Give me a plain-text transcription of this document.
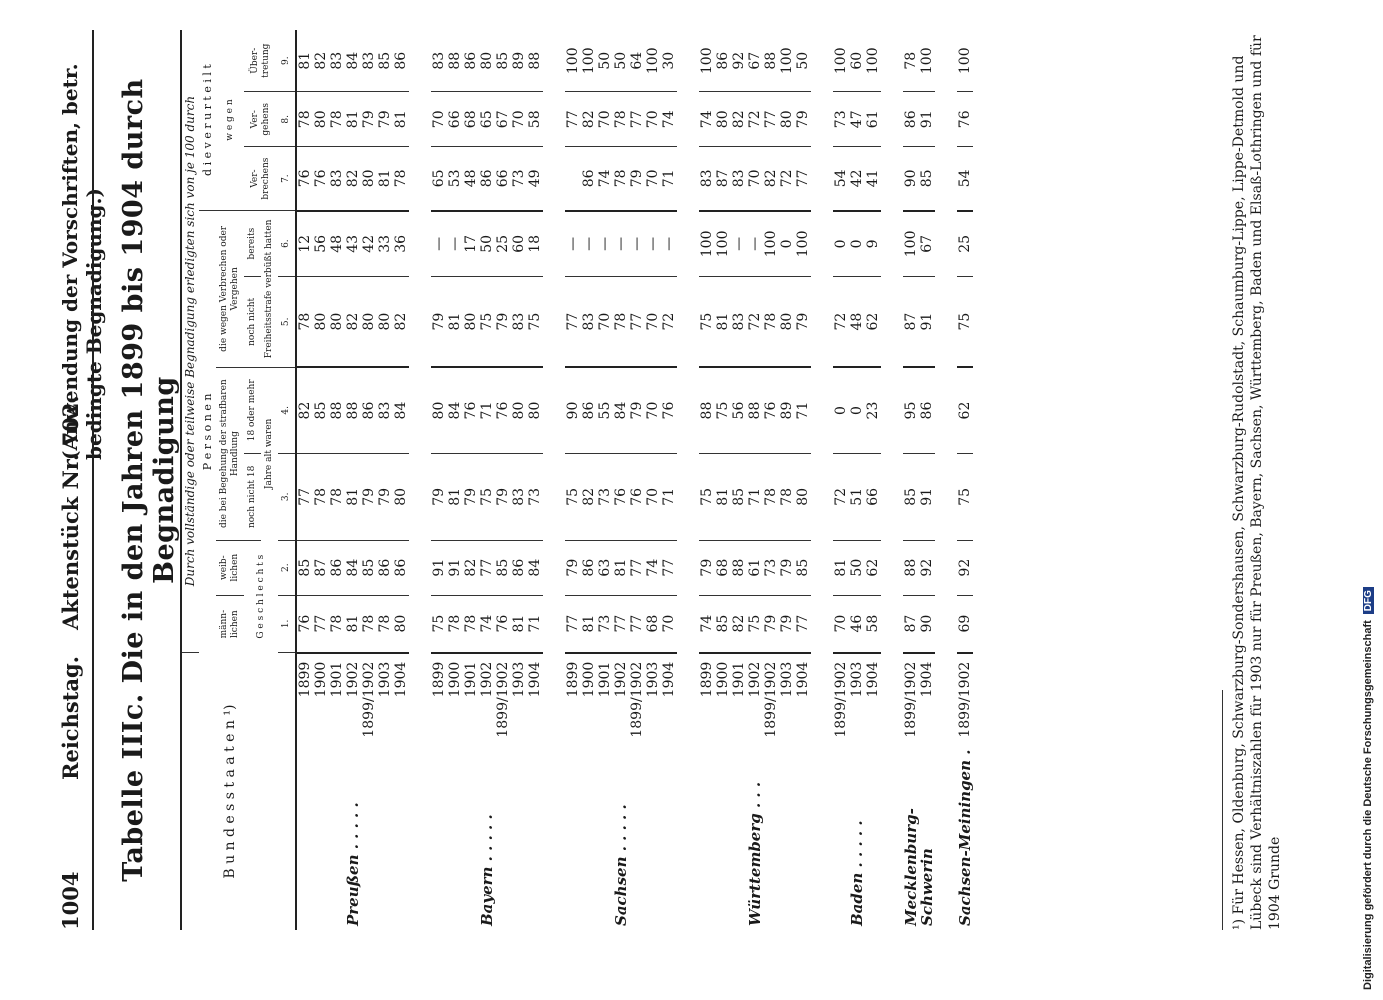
1004
Reichstag.
Aktenstück Nr. 702.
(Anwendung der Vorschriften, betr. bedingte Begnadigung.) Tabelle IIIc. Die in den Jahren 1899 bis 1904 durch Begnadigung
B u n d e s s t a a t e n ¹)		Durch vollständige oder teilweise Begnadigung erledigten sich von je 100 durch								
		P e r s o n e n						d i e v e r u r t e i l t		
		männ- lichen	weib- lichen	die bei Begehung der strafbaren Handlung		die wegen Verbrechen oder Vergehen		w e g e n		
		G e s c h l e c h t s		noch nicht 18	18 oder mehr	noch nicht	bereits	Ver- brechens	Ver- gehens	Über- tretung
				Jahre alt waren		Freiheitsstrafe verbüßt hatten				
		1.	2.	3.	4.	5.	6.	7.	8.	9.
Preußen . . . . .	1899	76	85	77	82	78	12	76	78	81
	1900	77	87	78	85	80	56	76	80	82
	1901	78	86	78	88	80	48	83	78	83
	1902	81	84	81	88	82	43	82	81	84
	1899/1902	78	85	79	86	80	42	80	79	83
	1903	78	86	79	83	80	33	81	79	85
	1904	80	86	80	84	82	36	78	81	86

Bayern . . . . .	1899	75	91	79	80	79	—	65	70	83
	1900	78	91	81	84	81	—	53	66	88
	1901	78	82	79	76	80	17	48	68	86
	1902	74	77	75	71	75	50	86	65	80
	1899/1902	76	85	79	76	79	25	66	67	85
	1903	81	86	83	80	83	60	73	70	89
	1904	71	84	73	80	75	18	49	58	88

Sachsen . . . . .	1899	77	79	75	90	77	—		77	100
	1900	81	86	82	86	83	—	86	82	100
	1901	73	63	73	55	70	—	74	70	50
	1902	77	81	76	84	78	—	78	78	50
	1899/1902	77	77	76	79	77	—	79	77	64
	1903	68	74	70	70	70	—	70	70	100
	1904	70	77	71	76	72	—	71	74	30

Württemberg . . .	1899	74	79	75	88	75	100	83	74	100
	1900	85	68	81	75	81	100	87	80	86
	1901	82	88	85	56	83	—	83	82	92
	1902	75	61	71	88	72	—	70	72	67
	1899/1902	79	73	78	76	78	100	82	77	88
	1903	79	79	78	89	80	0	72	80	100
	1904	77	85	80	71	79	100	77	79	50

Baden . . . . .	1899/1902	70	81	72	0	72	0	54	73	100
	1903	46	50	51	0	48	0	42	47	60
	1904	58	62	66	23	62	9	41	61	100

Mecklenburg-Schwerin	1899/1902	87	88	85	95	87	100	90	86	78
	1904	90	92	91	86	91	67	85	91	100

Sachsen-Meiningen .	1899/1902	69	92	75	62	75	25	54	76	100	¹) Für Hessen, Oldenburg, Schwarzburg-Sondershausen, Schwarzburg-Rudolstadt, Schaumburg-Lippe, Lippe-Detmold und Lübeck sind Verhältniszahlen für 1903 nur für Preußen, Bayern, Sachsen, Württemberg, Baden und Elsaß-Lothringen und für 1904 Grunde	Digitalisierung gefördert durch die Deutsche ForschungsgemeinschaftDFG
